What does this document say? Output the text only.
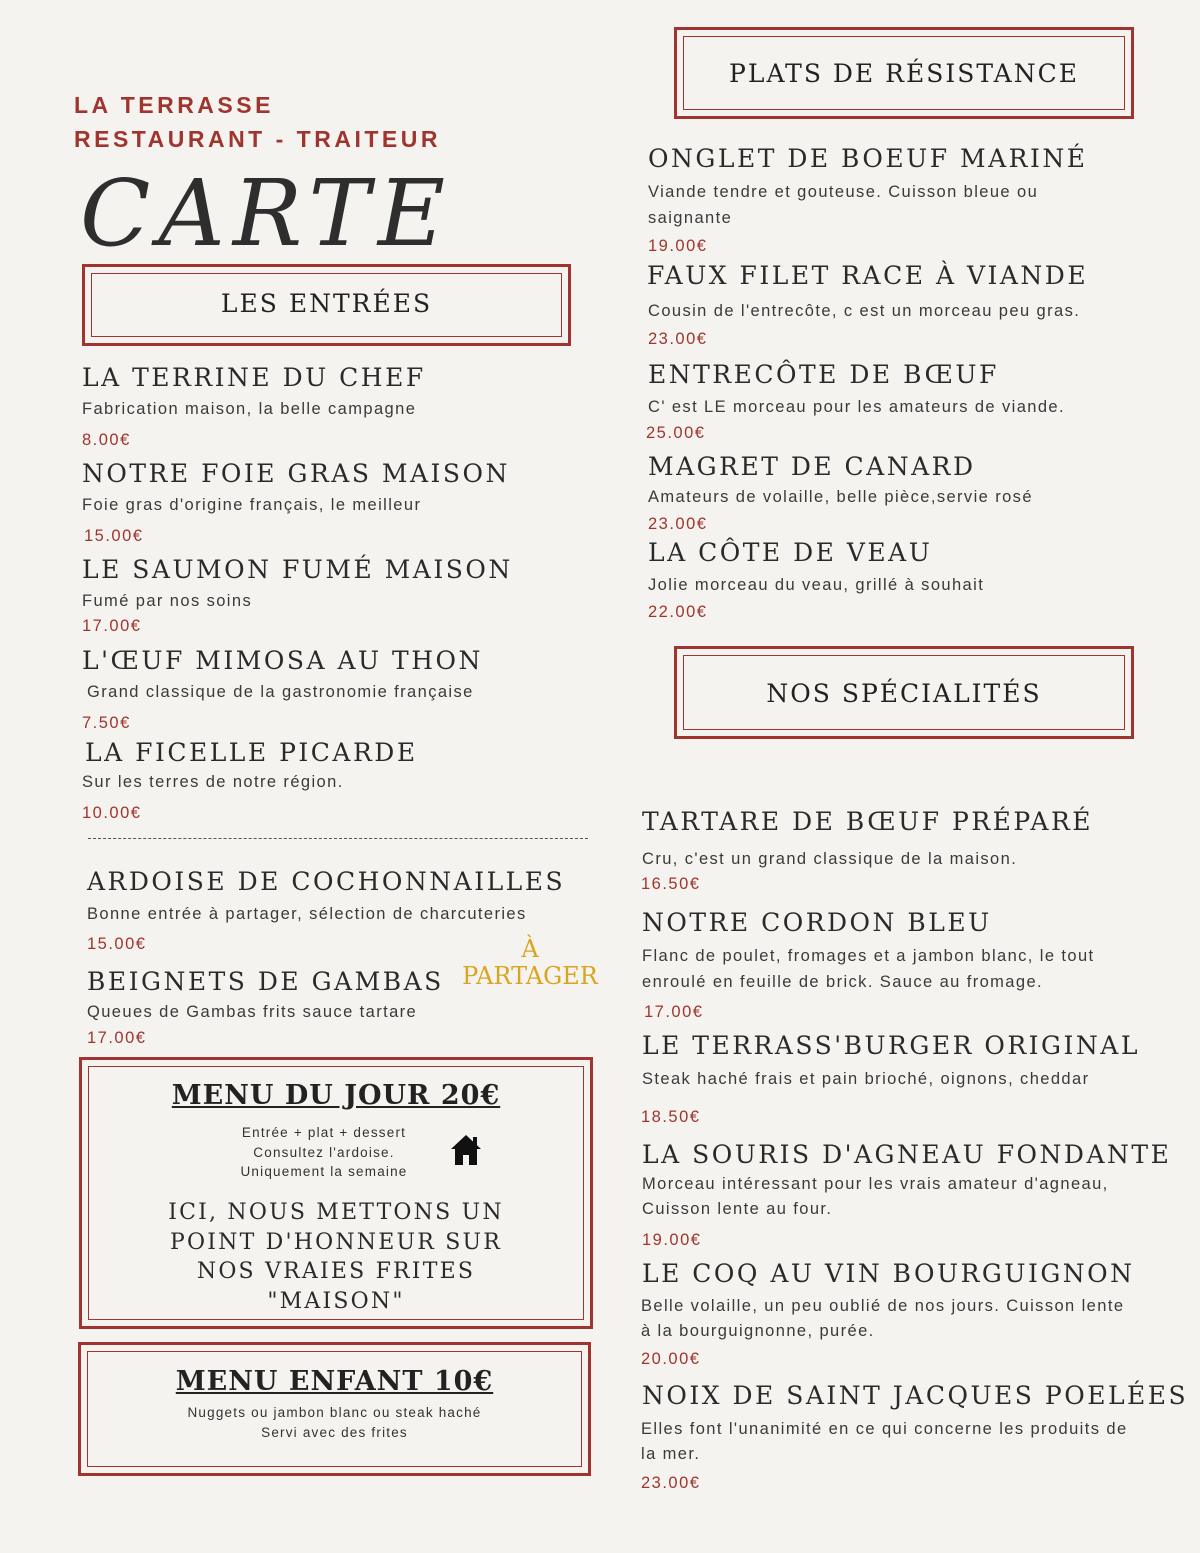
LA TERRASSE
RESTAURANT - TRAITEUR
CARTE
LES ENTRÉES
LA TERRINE DU CHEF
Fabrication maison, la belle campagne
8.00€
NOTRE FOIE GRAS MAISON
Foie gras d'origine français, le meilleur
15.00€
LE SAUMON FUMÉ MAISON
Fumé par nos soins
17.00€
L'ŒUF MIMOSA AU THON
Grand classique de la gastronomie française
7.50€
LA FICELLE PICARDE
Sur les terres de notre région.
10.00€
ARDOISE DE COCHONNAILLES
Bonne entrée à partager, sélection de charcuteries
15.00€	À
PARTAGER
BEIGNETS DE GAMBAS
Queues de Gambas frits sauce tartare
17.00€
MENU DU JOUR 20€
Entrée + plat + dessert
Consultez l'ardoise.
Uniquement la semaine
ICI, NOUS METTONS UN
POINT D'HONNEUR SUR
NOS VRAIES FRITES
"MAISON"
MENU ENFANT 10€
Nuggets ou jambon blanc ou steak haché
Servi avec des frites
PLATS DE RÉSISTANCE
ONGLET DE BOEUF MARINÉ
Viande tendre et gouteuse. Cuisson bleue ou
saignante
19.00€
FAUX FILET RACE À VIANDE
Cousin de l'entrecôte, c est un morceau peu gras.
23.00€
ENTRECÔTE DE BŒUF
C' est LE morceau pour les amateurs de viande.
25.00€
MAGRET DE CANARD
Amateurs de volaille, belle pièce,servie rosé
23.00€
LA CÔTE DE VEAU
Jolie morceau du veau, grillé à souhait
22.00€
NOS SPÉCIALITÉS
TARTARE DE BŒUF PRÉPARÉ
Cru, c'est un grand classique de la maison.
16.50€
NOTRE CORDON BLEU
Flanc de poulet, fromages et a jambon blanc, le tout
enroulé en feuille de brick. Sauce au fromage.
17.00€
LE TERRASS'BURGER ORIGINAL
Steak haché frais et pain brioché, oignons, cheddar
18.50€
LA SOURIS D'AGNEAU FONDANTE
Morceau intéressant pour les vrais amateur d'agneau,
Cuisson lente au four.
19.00€
LE COQ AU VIN BOURGUIGNON
Belle volaille, un peu oublié de nos jours. Cuisson lente
à la bourguignonne, purée.
20.00€
NOIX DE SAINT JACQUES POELÉES
Elles font l'unanimité en ce qui concerne les produits de
la mer.
23.00€
